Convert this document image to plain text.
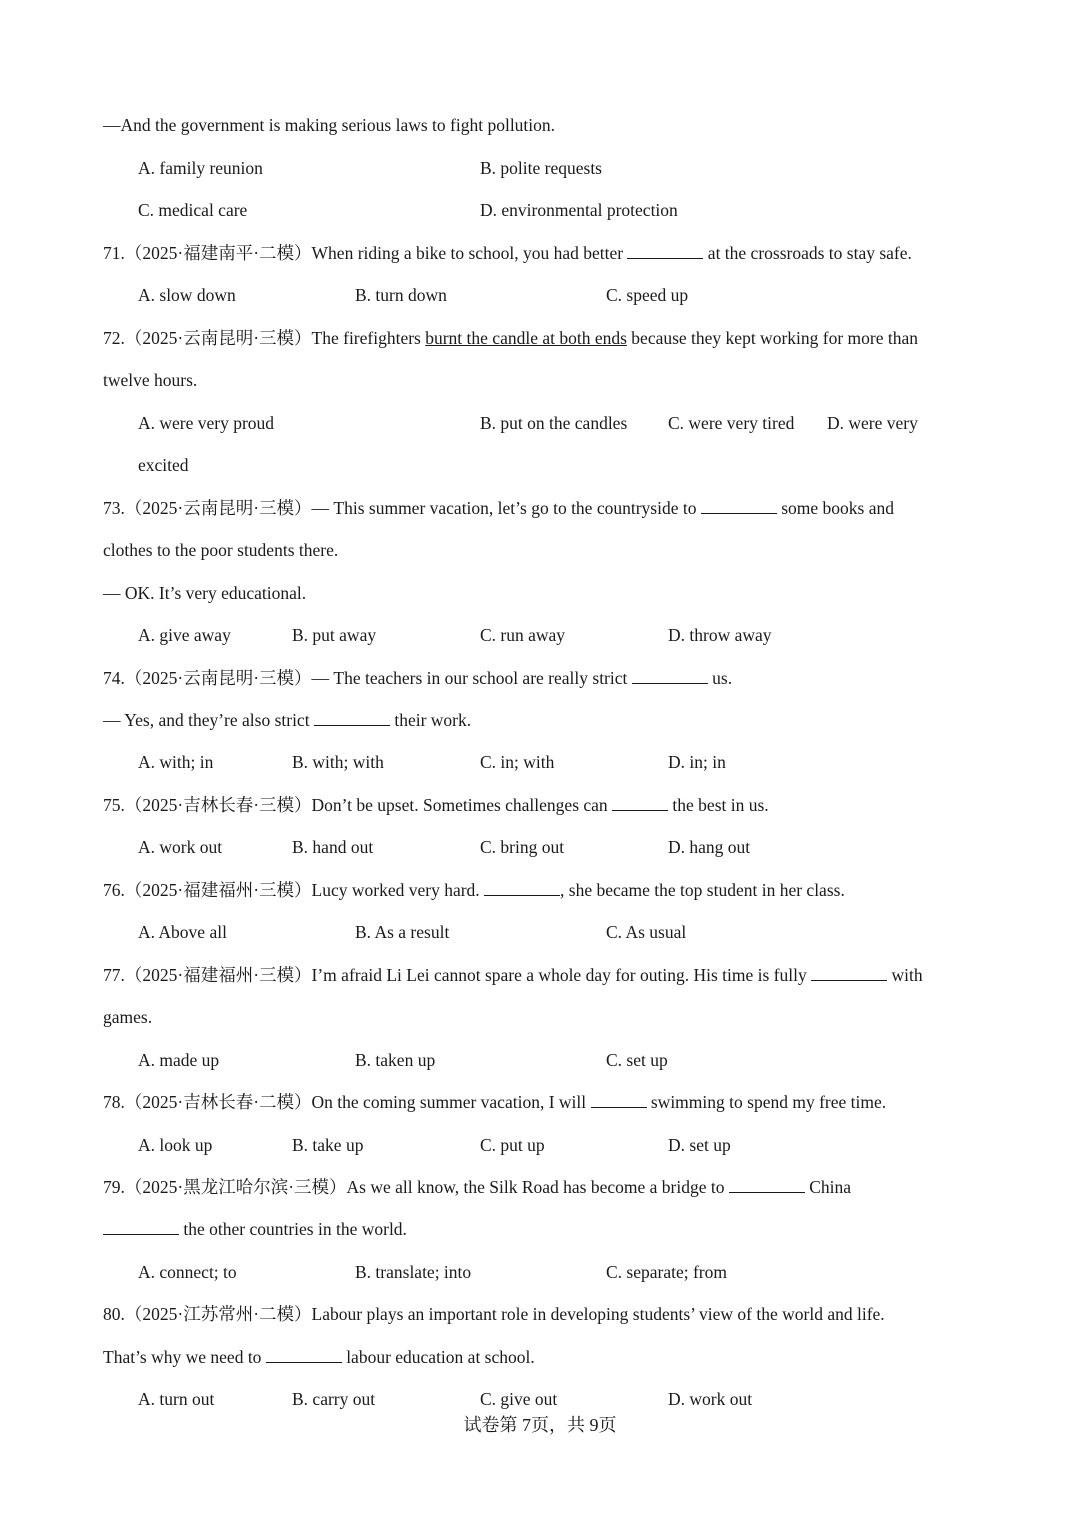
—And the government is making serious laws to fight pollution.
A. family reunion	B. polite requests
C. medical care	D. environmental protection
71.（2025·福建南平·二模）When riding a bike to school, you had better	at the crossroads to stay safe.
A. slow down	B. turn down	C. speed up
72.（2025·云南昆明·三模）The firefighters burnt the candle at both ends because they kept working for more than
twelve hours.
A. were very proud	B. put on the candles C. were very tired D. were very
excited
73.（2025·云南昆明·三模）— This summer vacation, let’s go to the countryside to	some books and
clothes to the poor students there.
— OK. It’s very educational.
A. give away	B. put away	C. run away	D. throw away
74.（2025·云南昆明·三模）— The teachers in our school are really strict	us.
— Yes, and they’re also strict	their work.
A. with; in	B. with; with	C. in; with	D. in; in
75.（2025·吉林长春·三模）Don’t be upset. Sometimes challenges can	the best in us.
A. work out	B. hand out	C. bring out	D. hang out
76.（2025·福建福州·三模）Lucy worked very hard.	, she became the top student in her class.
A. Above all	B. As a result	C. As usual
77.（2025·福建福州·三模）I’m afraid Li Lei cannot spare a whole day for outing. His time is fully	with
games.
A. made up	B. taken up	C. set up
78.（2025·吉林长春·二模）On the coming summer vacation, I will	swimming to spend my free time.
A. look up	B. take up	C. put up	D. set up
79.（2025·黑龙江哈尔滨·三模）As we all know, the Silk Road has become a bridge to	China
the other countries in the world.
A. connect; to	B. translate; into	C. separate; from
80.（2025·江苏常州·二模）Labour plays an important role in developing students’ view of the world and life.
That’s why we need to	labour education at school.
A. turn out	B. carry out	C. give out	D. work out
试卷第 7页，共 9页
